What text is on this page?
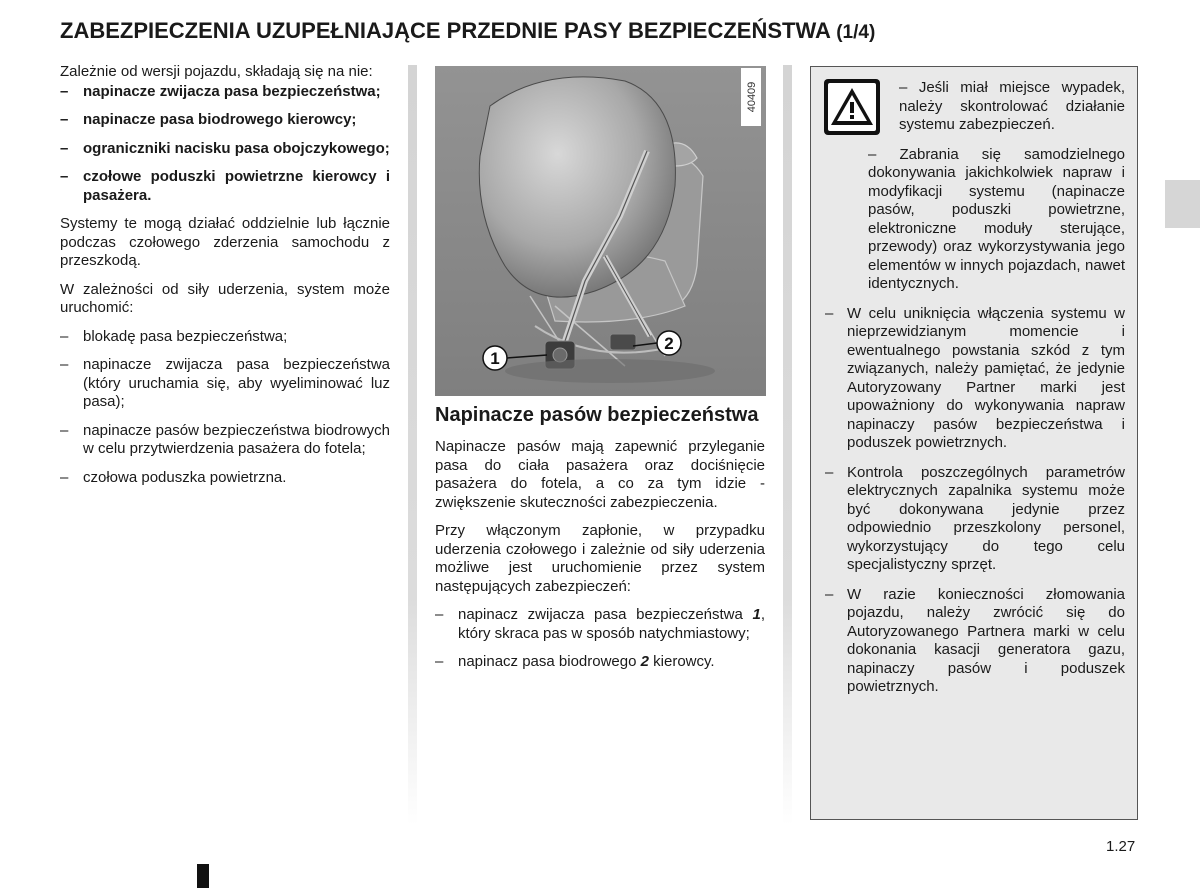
ZABEZPIECZENIA UZUPEŁNIAJĄCE PRZEDNIE PASY BEZPIECZEŃSTWA (1/4)

Zależnie od wersji pojazdu, składają się na nie:

– napinacze zwijacza pasa bezpieczeństwa;
– napinacze pasa biodrowego kierowcy;
– ograniczniki nacisku pasa obojczykowego;
– czołowe poduszki powietrzne kierowcy i pasażera.

Systemy te mogą działać oddzielnie lub łącznie podczas czołowego zderzenia samochodu z przeszkodą.

W zależności od siły uderzenia, system może uruchomić:

– blokadę pasa bezpieczeństwa;
– napinacze zwijacza pasa bezpieczeństwa (który uruchamia się, aby wyeliminować luz pasa);
– napinacze pasów bezpieczeństwa biodrowych w celu przytwierdzenia pasażera do fotela;
– czołowa poduszka powietrzna.
1
2
40409
Napinacze pasów bezpieczeństwa

Napinacze pasów mają zapewnić przyleganie pasa do ciała pasażera oraz dociśnięcie pasażera do fotela, a co za tym idzie - zwiększenie skuteczności zabezpieczenia.

Przy włączonym zapłonie, w przypadku uderzenia czołowego i zależnie od siły uderzenia możliwe jest uruchomienie przez system następujących zabezpieczeń:

– napinacz zwijacza pasa bezpieczeństwa 1, który skraca pas w sposób natychmiastowy;
– napinacz pasa biodrowego 2 kierowcy.

– Jeśli miał miejsce wypadek, należy skontrolować działanie systemu zabezpieczeń.

– Zabrania się samodzielnego dokonywania jakichkolwiek napraw i modyfikacji systemu (napinacze pasów, poduszki powietrzne, elektroniczne moduły sterujące, przewody) oraz wykorzystywania jego elementów w innych pojazdach, nawet identycznych.

– W celu uniknięcia włączenia systemu w nieprzewidzianym momencie i ewentualnego powstania szkód z tym związanych, należy pamiętać, że jedynie Autoryzowany Partner marki jest upoważniony do wykonywania napraw napinaczy pasów bezpieczeństwa i poduszek powietrznych.

– Kontrola poszczególnych parametrów elektrycznych zapalnika systemu może być dokonywana jedynie przez odpowiednio przeszkolony personel, wykorzystujący do tego celu specjalistyczny sprzęt.

– W razie konieczności złomowania pojazdu, należy zwrócić się do Autoryzowanego Partnera marki w celu dokonania kasacji generatora gazu, napinaczy pasów i poduszek powietrznych.

1.27
